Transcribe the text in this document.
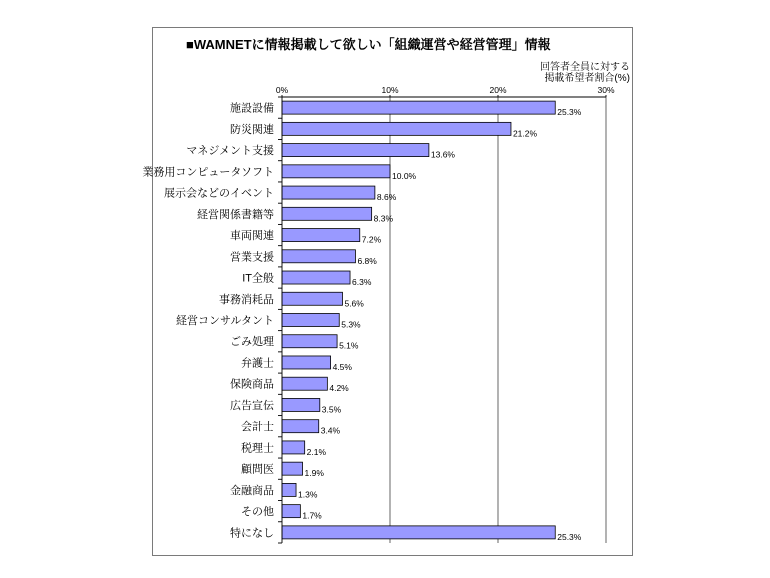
■WAMNETに情報掲載して欲しい「組織運営や経営管理」情報
回答者全員に対する
掲載希望者割合(%)
0%	10%	20%	30%
施設設備	25.3%
防災関連	21.2%
マネジメント支援	13.6%
業務用コンピュータソフト	10.0%
展示会などのイベント	8.6%
経営関係書籍等	8.3%
車両関連	7.2%
営業支援	6.8%
IT全般	6.3%
事務消耗品	5.6%
経営コンサルタント	5.3%
ごみ処理	5.1%
弁護士	4.5%
保険商品	4.2%
広告宣伝	3.5%
会計士	3.4%
税理士	2.1%
顧問医	1.9%
金融商品	1.3%
その他	1.7%
特になし	25.3%
